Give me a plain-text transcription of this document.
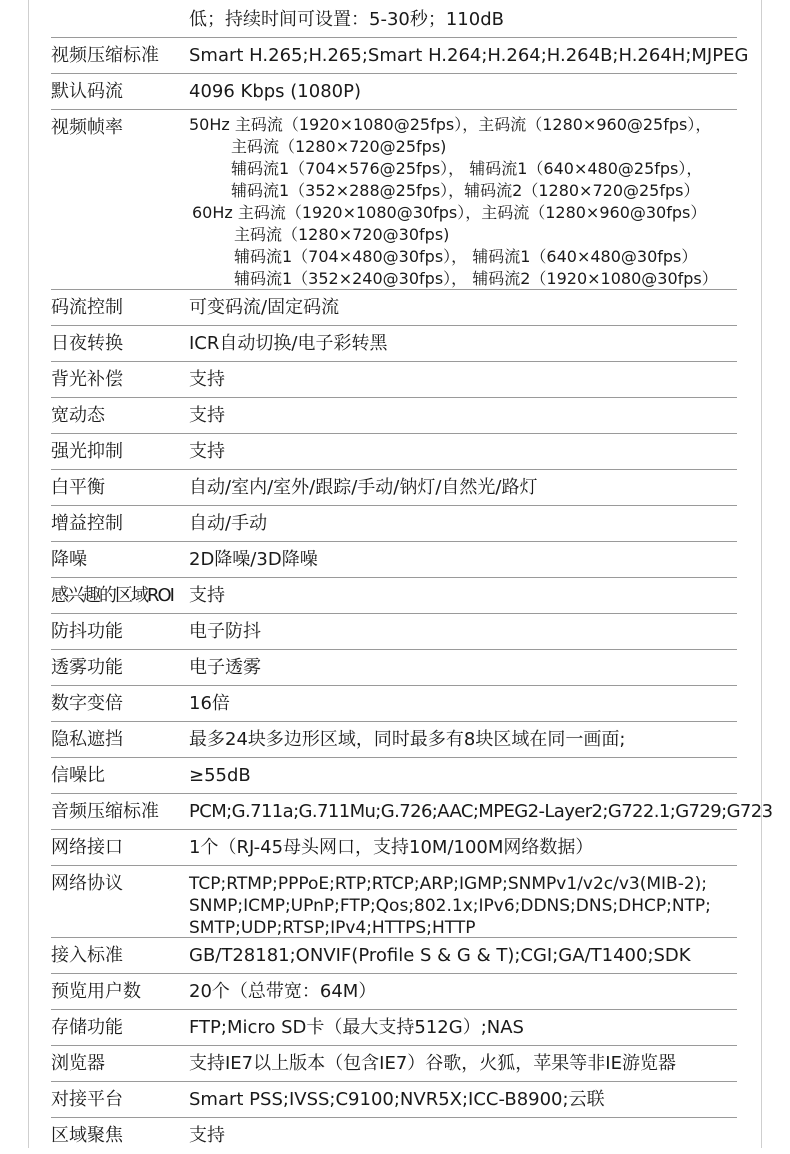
低；持续时间可设置：5-30秒；110dB
视频压缩标准	Smart H.265;H.265;Smart H.264;H.264;H.264B;H.264H;MJPEG
默认码流	4096 Kbps (1080P)
视频帧率	50Hz 主码流（1920×1080@25fps），主码流（1280×960@25fps），
主码流（1280×720@25fps)
辅码流1（704×576@25fps）， 辅码流1（640×480@25fps），
辅码流1（352×288@25fps），辅码流2（1280×720@25fps）
60Hz 主码流（1920×1080@30fps），主码流（1280×960@30fps）
主码流（1280×720@30fps)
辅码流1（704×480@30fps）， 辅码流1（640×480@30fps）
辅码流1（352×240@30fps）， 辅码流2（1920×1080@30fps）
码流控制	可变码流/固定码流
日夜转换	ICR自动切换/电子彩转黑
背光补偿	支持
宽动态	支持
强光抑制	支持
白平衡	自动/室内/室外/跟踪/手动/钠灯/自然光/路灯
增益控制	自动/手动
降噪	2D降噪/3D降噪
感兴趣的区域ROI 支持
防抖功能	电子防抖
透雾功能	电子透雾
数字变倍	16倍
隐私遮挡	最多24块多边形区域，同时最多有8块区域在同一画面;
信噪比	≥55dB
音频压缩标准	PCM;G.711a;G.711Mu;G.726;AAC;MPEG2-Layer2;G722.1;G729;G723
网络接口	1个（RJ-45母头网口，支持10M/100M网络数据）
网络协议	TCP;RTMP;PPPoE;RTP;RTCP;ARP;IGMP;SNMPv1/v2c/v3(MIB-2);
SNMP;ICMP;UPnP;FTP;Qos;802.1x;IPv6;DDNS;DNS;DHCP;NTP;
SMTP;UDP;RTSP;IPv4;HTTPS;HTTP
接入标准	GB/T28181;ONVIF(Profile S & G & T);CGI;GA/T1400;SDK
预览用户数	20个（总带宽：64M）
存储功能	FTP;Micro SD卡（最大支持512G）;NAS
浏览器	支持IE7以上版本（包含IE7）谷歌，火狐，苹果等非IE游览器
对接平台	Smart PSS;IVSS;C9100;NVR5X;ICC-B8900;云联
区域聚焦	支持
